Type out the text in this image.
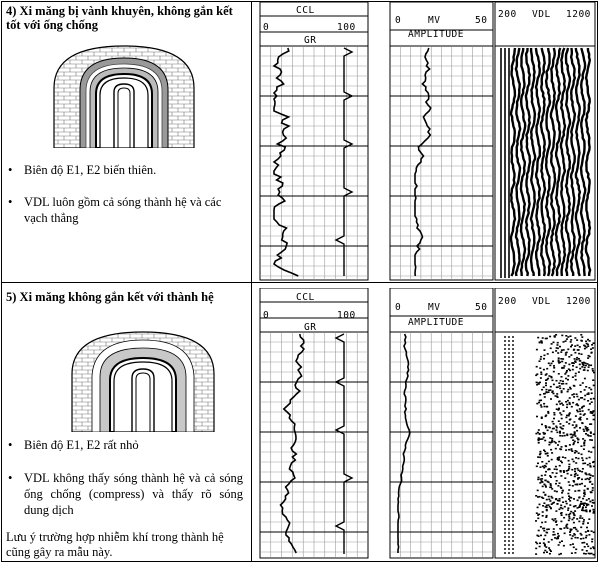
4) Xi măng bị vành khuyên, không gắn kết tốt với ống chống
• Biên độ E1, E2 biến thiên.
• VDL luôn gồm cả sóng thành hệ và các vạch thẳng
CCL
0	100
GR
0	MV	50
AMPLITUDE
200 VDL 1200
5) Xi măng không gắn kết với thành hệ
• Biên độ E1, E2 rất nhỏ
• VDL không thấy sóng thành hệ và cả sóng ống chống (compress) và thấy rõ sóng dung dịch
Lưu ý trường hợp nhiễm khí trong thành hệ cũng gây ra mẫu này.
CCL
0	100
GR
0	MV	50
AMPLITUDE
200 VDL 1200
